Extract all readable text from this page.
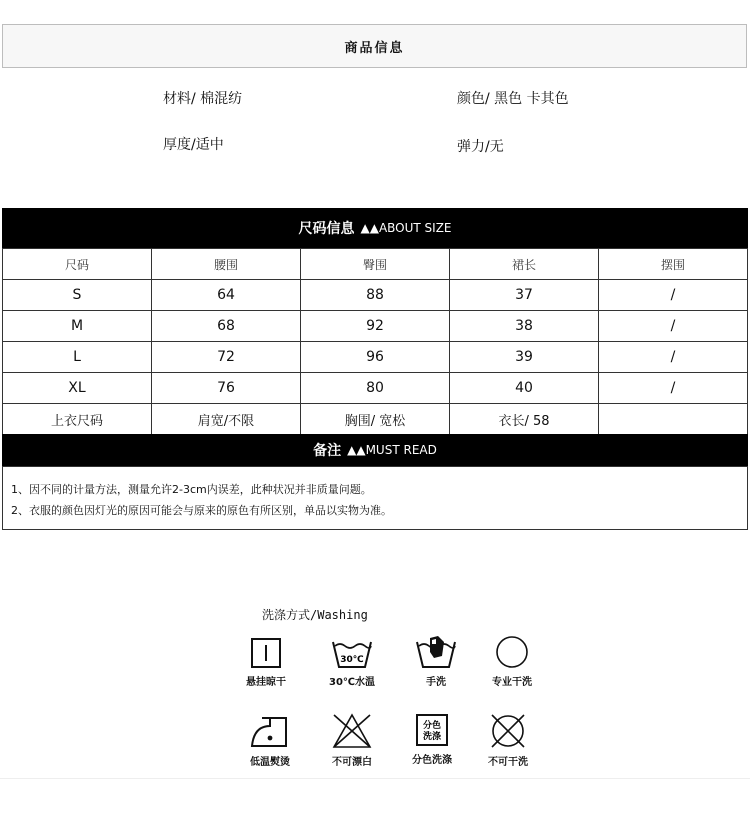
商品信息
材料/ 棉混纺	颜色/ 黑色 卡其色
厚度/适中	弹力/无
尺码信息 ▲▲ABOUT SIZE
尺码	腰围	臀围	裙长	摆围
S	64	88	37	/
M	68	92	38	/
L	72	96	39	/
XL	76	80	40	/
上衣尺码	肩宽/不限	胸围/ 宽松	衣长/ 58	
备注 ▲▲MUST READ
1、因不同的计量方法，测量允许2-3cm内误差，此种状况并非质量问题。
2、衣服的颜色因灯光的原因可能会与原来的原色有所区别，单品以实物为准。
洗涤方式/Washing
悬挂晾干
30℃
30℃水温	手洗	专业干洗
低温熨烫	不可漂白
分色
洗涤
分色洗涤	不可干洗
